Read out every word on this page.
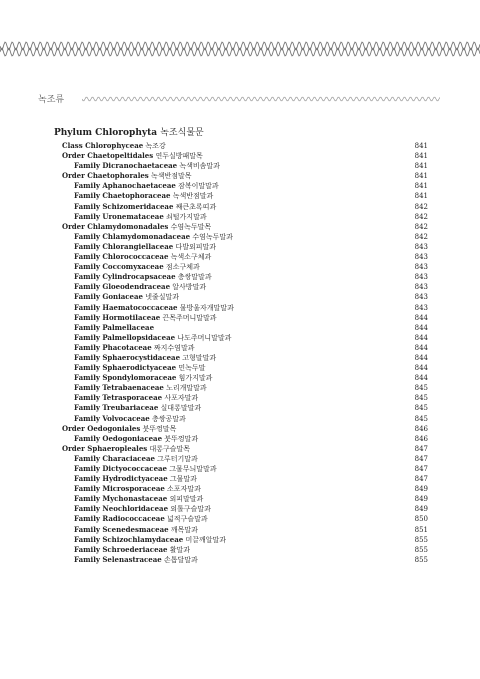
녹조류
Phylum Chlorophyta 녹조식물문
Class Chlorophyceae 녹조강	841
Order Chaetopeltidales 연두실방패말목	841
Family Dicranochaetaceae 녹색비솜말과	841
Order Chaetophorales 녹색반점말목	841
Family Aphanochaetaceae 잠복이말말과	841
Family Chaetophoraceae 녹색반점말과	841
Family Schizomeridaceae 째큰초록띠과	842
Family Uronemataceae 쇠털가지말과	842
Order Chlamydomonadales 수염녹두말목	842
Family Chlamydomonadaceae 수염녹두말과	842
Family Chlorangiellaceae 다발외피말과	843
Family Chlorococcaceae 녹색소구체과	843
Family Coccomyxaceae 점소구체과	843
Family Cylindrocapsaceae 층쌍말말과	843
Family Gloeodendraceae 알사방말과	843
Family Goniaceae 넷줄실말과	843
Family Haematococcaceae 물방울자개말말과	843
Family Hormotilaceae 끈목주머니말말과	844
Family Palmellaceae	844
Family Palmellopsidaceae 나도주머니말말과	844
Family Phacotaceae 짜지수염말과	844
Family Sphaerocystidaceae 고형말말과	844
Family Sphaerodictyaceae 민녹두말	844
Family Spondylomoraceae 힘가지말과	844
Family Tetrabaenaceae 노리개말말과	845
Family Tetrasporaceae 사포자말과	845
Family Treubariaceae 실대롱말말과	845
Family Volvocaceae 층쌍공말과	845
Order Oedogoniales 붓뚜껑말목	846
Family Oedogoniaceae 붓뚜껑말과	846
Order Sphaeropleales 대롱구슬말목	847
Family Characiaceae 그루터기말과	847
Family Dictyococcaceae 그물무늬말말과	847
Family Hydrodictyaceae 그물말과	847
Family Microsporaceae 소포자말과	849
Family Mychonastaceae 외피말말과	849
Family Neochloridaceae 외톨구슬말과	849
Family Radiococcaceae 넓적구슬말과	850
Family Scenedesmaceae 깨목말과	851
Family Schizochlamydaceae 미끌깨알말과	855
Family Schroederiaceae 활말과	855
Family Selenastraceae 손톱달말과	855
